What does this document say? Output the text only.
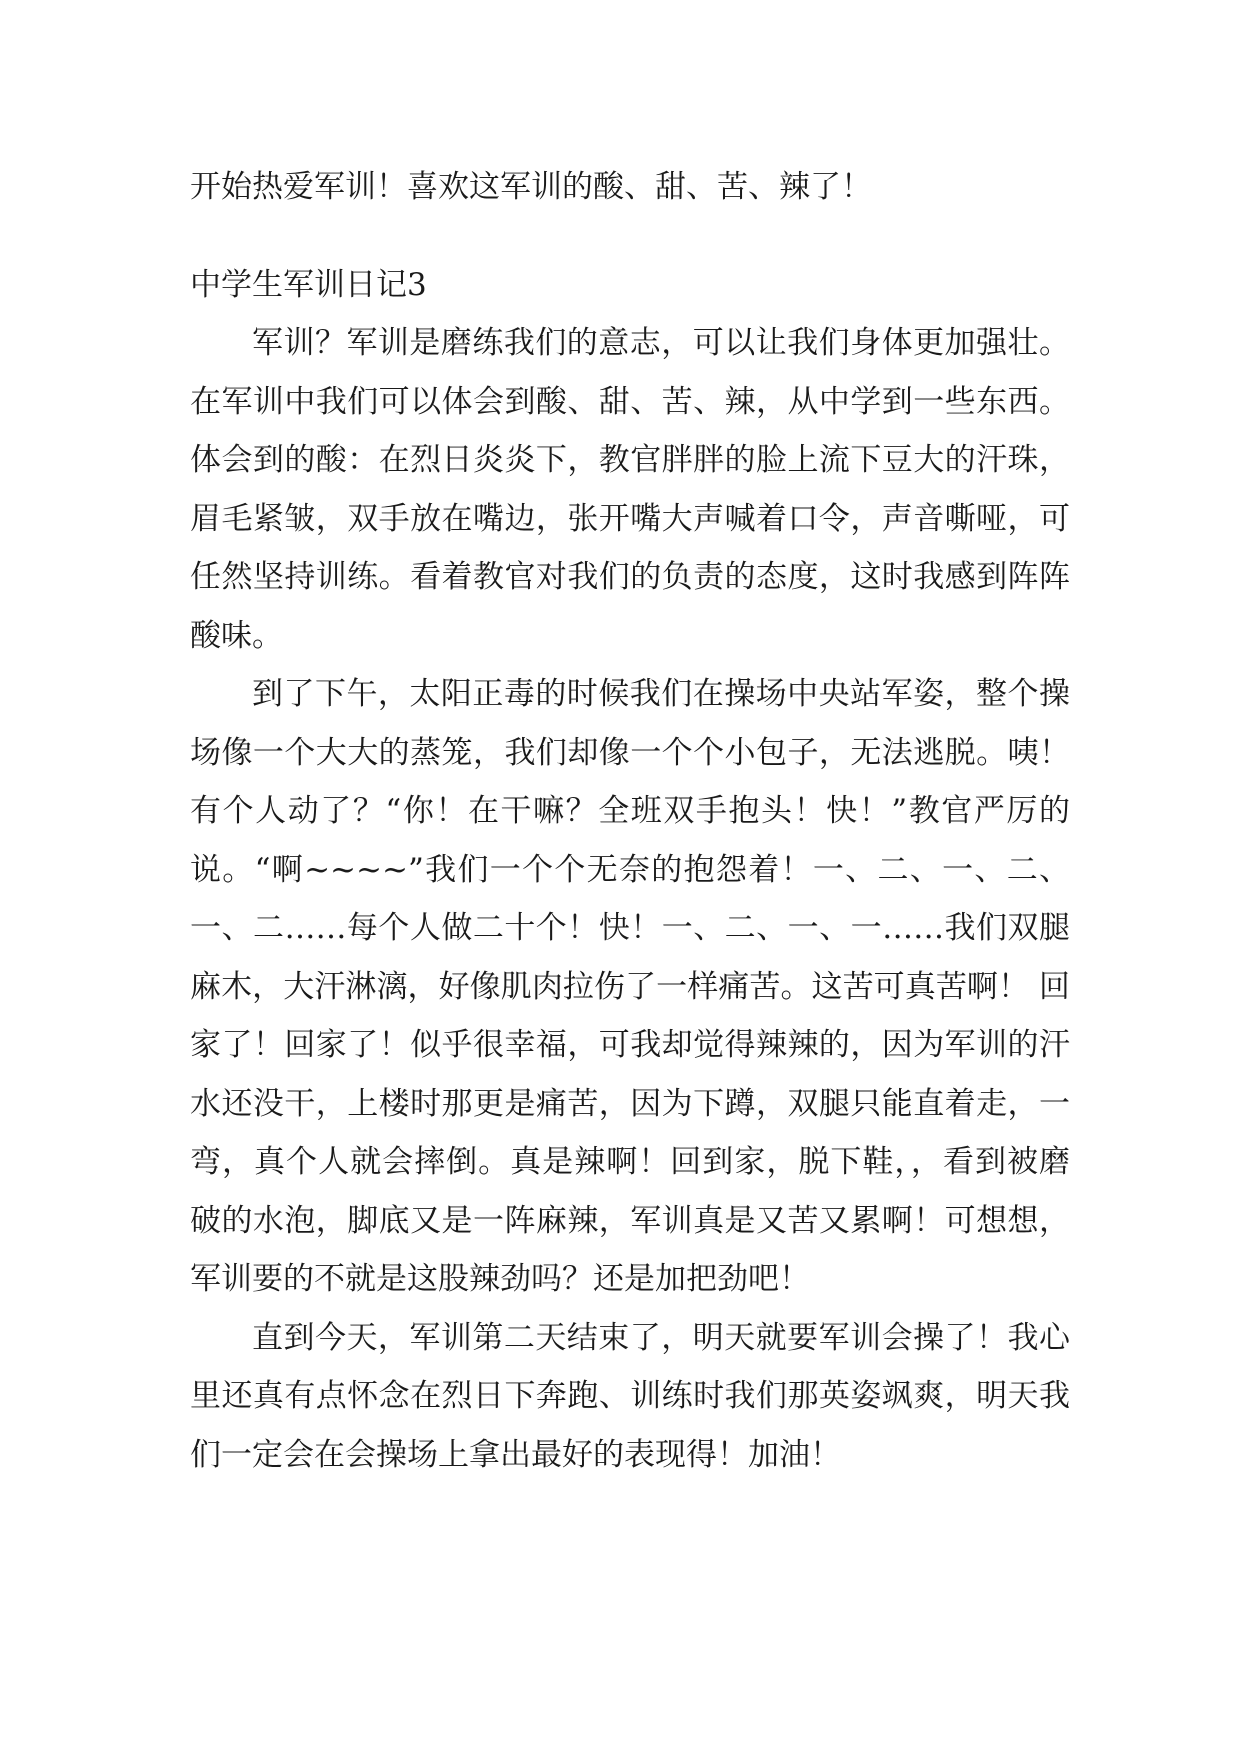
开始热爱军训！喜欢这军训的酸、甜、苦、辣了！

中学生军训日记3

军训？军训是磨练我们的意志，可以让我们身体更加强壮。在军训中我们可以体会到酸、甜、苦、辣，从中学到一些东西。 体会到的酸：在烈日炎炎下，教官胖胖的脸上流下豆大的汗珠，眉毛紧皱，双手放在嘴边，张开嘴大声喊着口令，声音嘶哑，可任然坚持训练。看着教官对我们的负责的态度，这时我感到阵阵酸味。

到了下午，太阳正毒的时候我们在操场中央站军姿，整个操场像一个大大的蒸笼，我们却像一个个小包子，无法逃脱。咦！有个人动了？“你！在干嘛？全班双手抱头！快！”教官严厉的说。“啊~~~~”我们一个个无奈的抱怨着！一、二、一、二、一、二……每个人做二十个！快！一、二、一、一……我们双腿麻木，大汗淋漓，好像肌肉拉伤了一样痛苦。这苦可真苦啊！ 回家了！回家了！似乎很幸福，可我却觉得辣辣的，因为军训的汗水还没干，上楼时那更是痛苦，因为下蹲，双腿只能直着走，一弯，真个人就会摔倒。真是辣啊！回到家，脱下鞋，，看到被磨破的水泡，脚底又是一阵麻辣，军训真是又苦又累啊！可想想，军训要的不就是这股辣劲吗？还是加把劲吧！

直到今天，军训第二天结束了，明天就要军训会操了！我心里还真有点怀念在烈日下奔跑、训练时我们那英姿飒爽，明天我们一定会在会操场上拿出最好的表现得！加油！
